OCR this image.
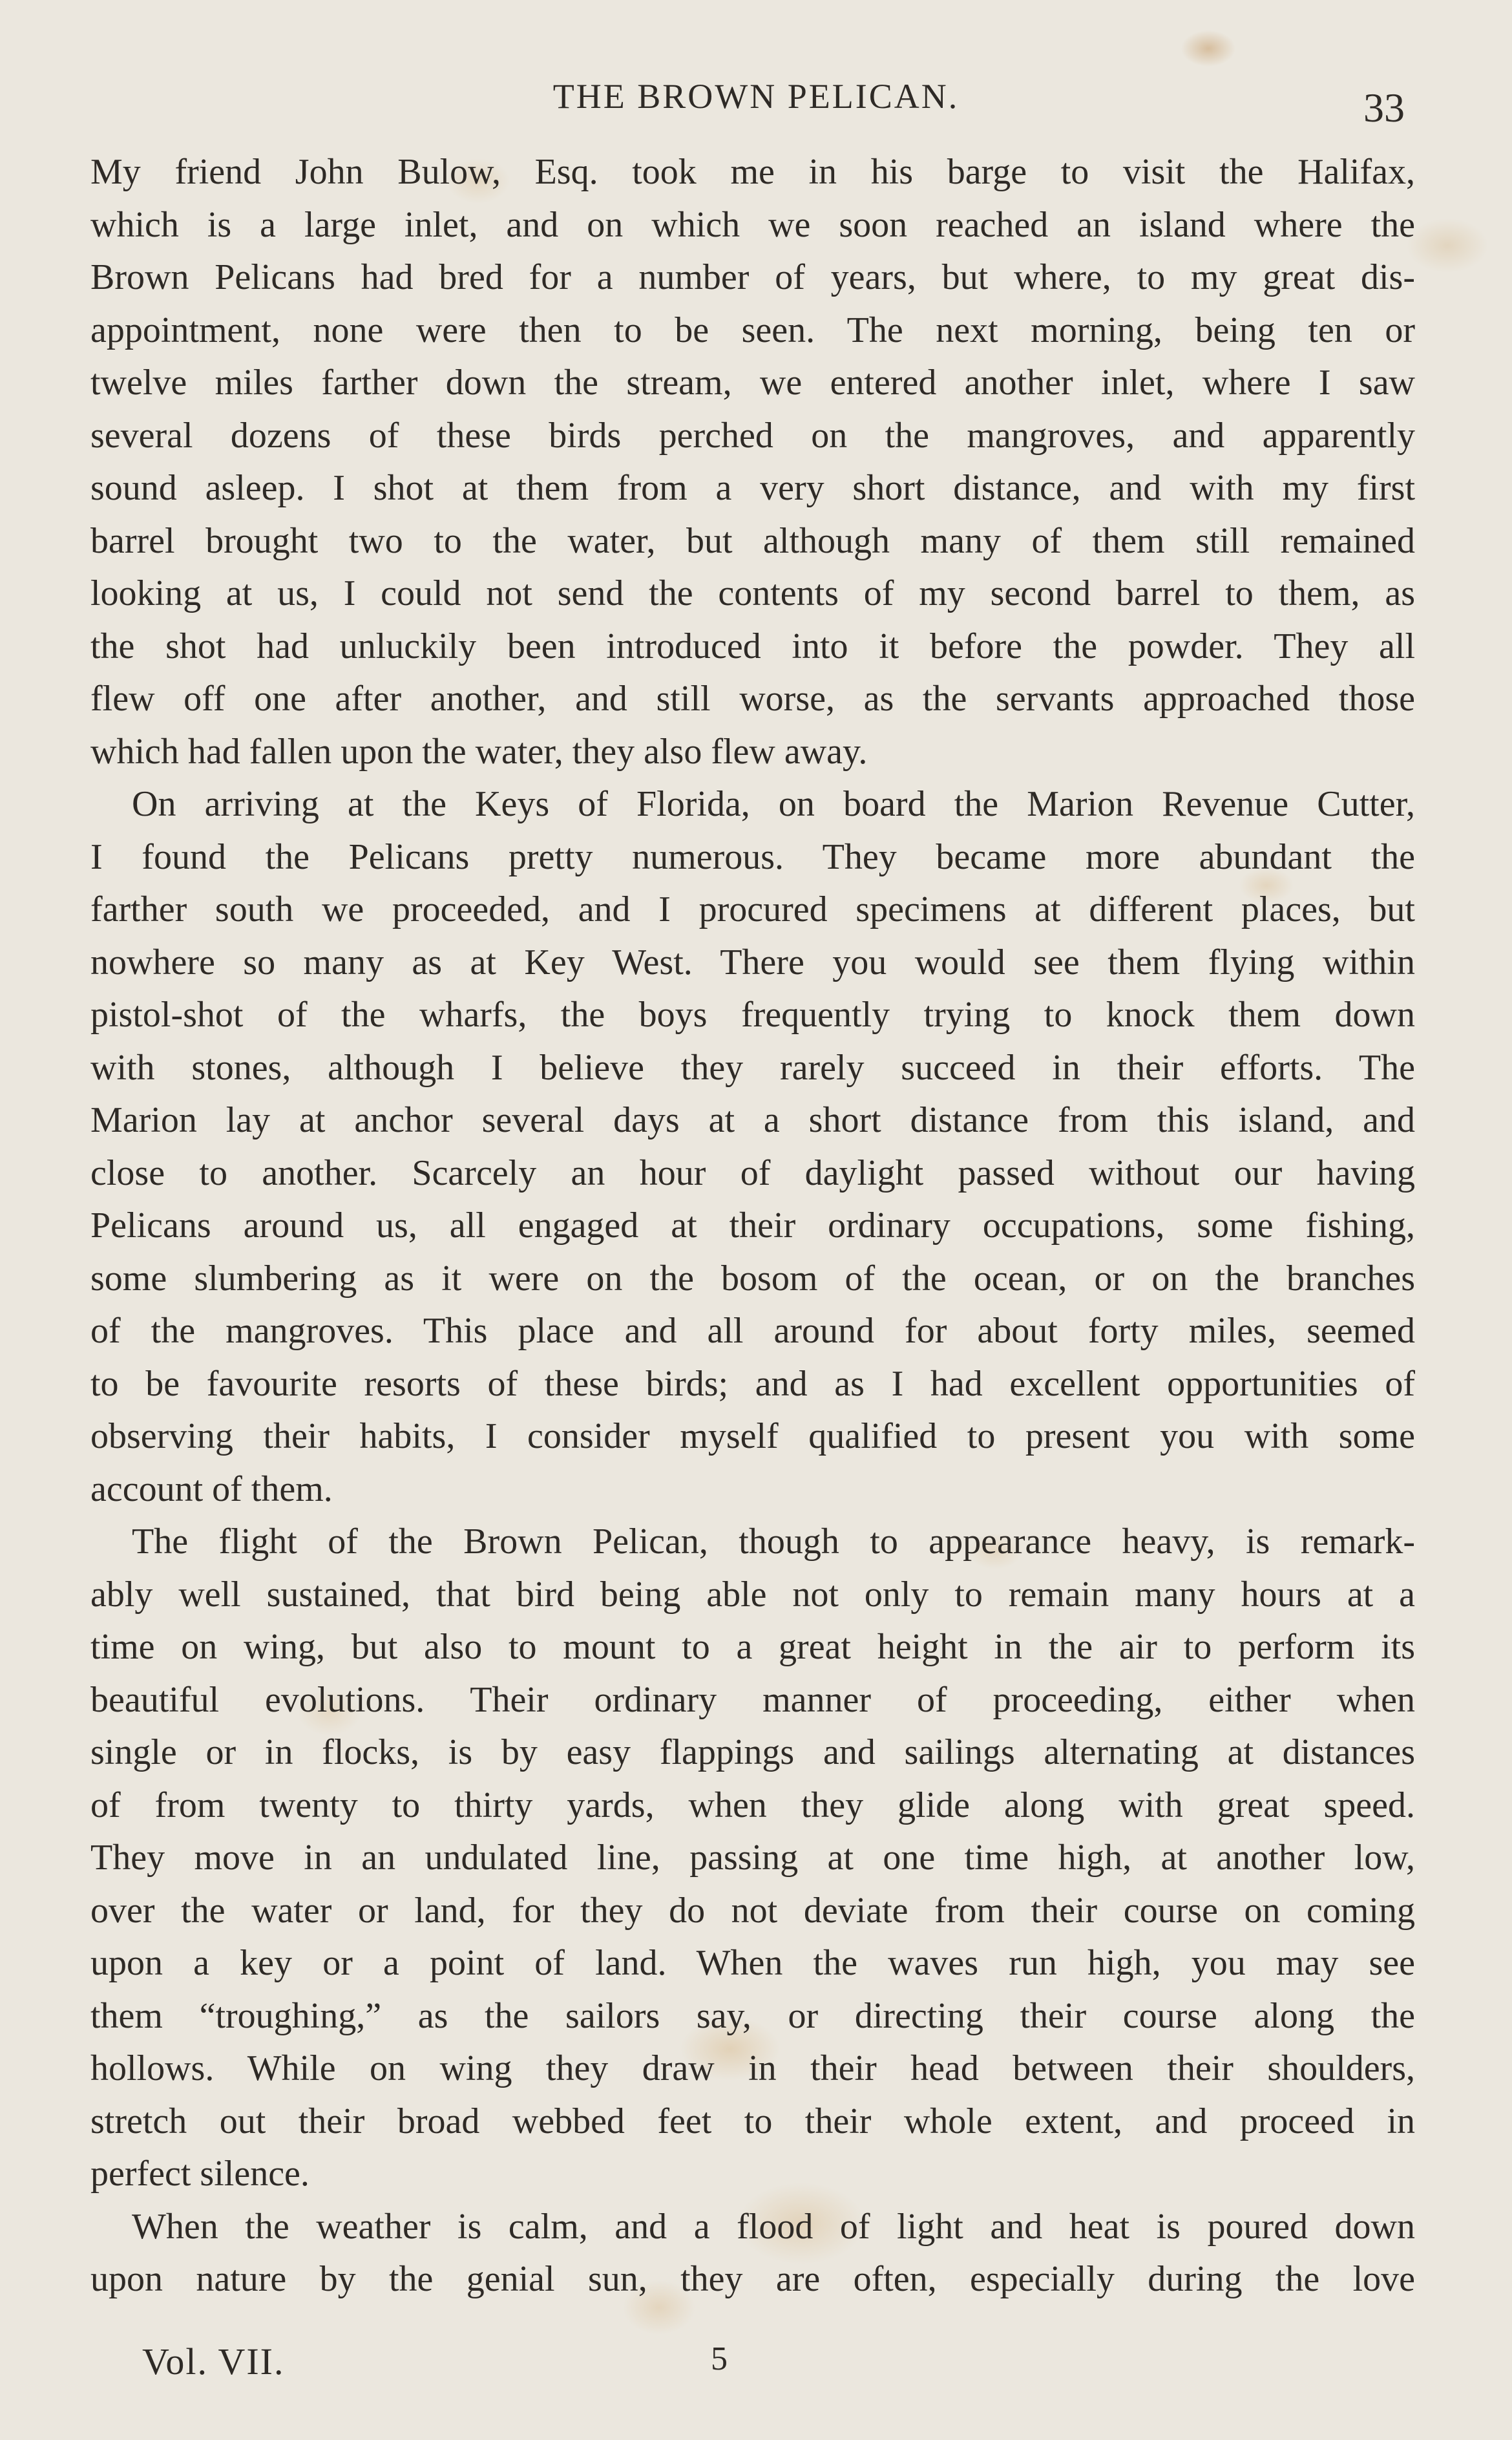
THE BROWN PELICAN.	33
My friend John Bulow, Esq. took me in his barge to visit the Halifax,
which is a large inlet, and on which we soon reached an island where the
Brown Pelicans had bred for a number of years, but where, to my great dis-
appointment, none were then to be seen. The next morning, being ten or
twelve miles farther down the stream, we entered another inlet, where I saw
several dozens of these birds perched on the mangroves, and apparently
sound asleep. I shot at them from a very short distance, and with my first
barrel brought two to the water, but although many of them still remained
looking at us, I could not send the contents of my second barrel to them, as
the shot had unluckily been introduced into it before the powder. They all
flew off one after another, and still worse, as the servants approached those
which had fallen upon the water, they also flew away.
On arriving at the Keys of Florida, on board the Marion Revenue Cutter,
I found the Pelicans pretty numerous. They became more abundant the
farther south we proceeded, and I procured specimens at different places, but
nowhere so many as at Key West. There you would see them flying within
pistol-shot of the wharfs, the boys frequently trying to knock them down
with stones, although I believe they rarely succeed in their efforts. The
Marion lay at anchor several days at a short distance from this island, and
close to another. Scarcely an hour of daylight passed without our having
Pelicans around us, all engaged at their ordinary occupations, some fishing,
some slumbering as it were on the bosom of the ocean, or on the branches
of the mangroves. This place and all around for about forty miles, seemed
to be favourite resorts of these birds; and as I had excellent opportunities of
observing their habits, I consider myself qualified to present you with some
account of them.
The flight of the Brown Pelican, though to appearance heavy, is remark-
ably well sustained, that bird being able not only to remain many hours at a
time on wing, but also to mount to a great height in the air to perform its
beautiful evolutions. Their ordinary manner of proceeding, either when
single or in flocks, is by easy flappings and sailings alternating at distances
of from twenty to thirty yards, when they glide along with great speed.
They move in an undulated line, passing at one time high, at another low,
over the water or land, for they do not deviate from their course on coming
upon a key or a point of land. When the waves run high, you may see
them “troughing,” as the sailors say, or directing their course along the
hollows. While on wing they draw in their head between their shoulders,
stretch out their broad webbed feet to their whole extent, and proceed in
perfect silence.
When the weather is calm, and a flood of light and heat is poured down
upon nature by the genial sun, they are often, especially during the love
Vol. VII.	5
